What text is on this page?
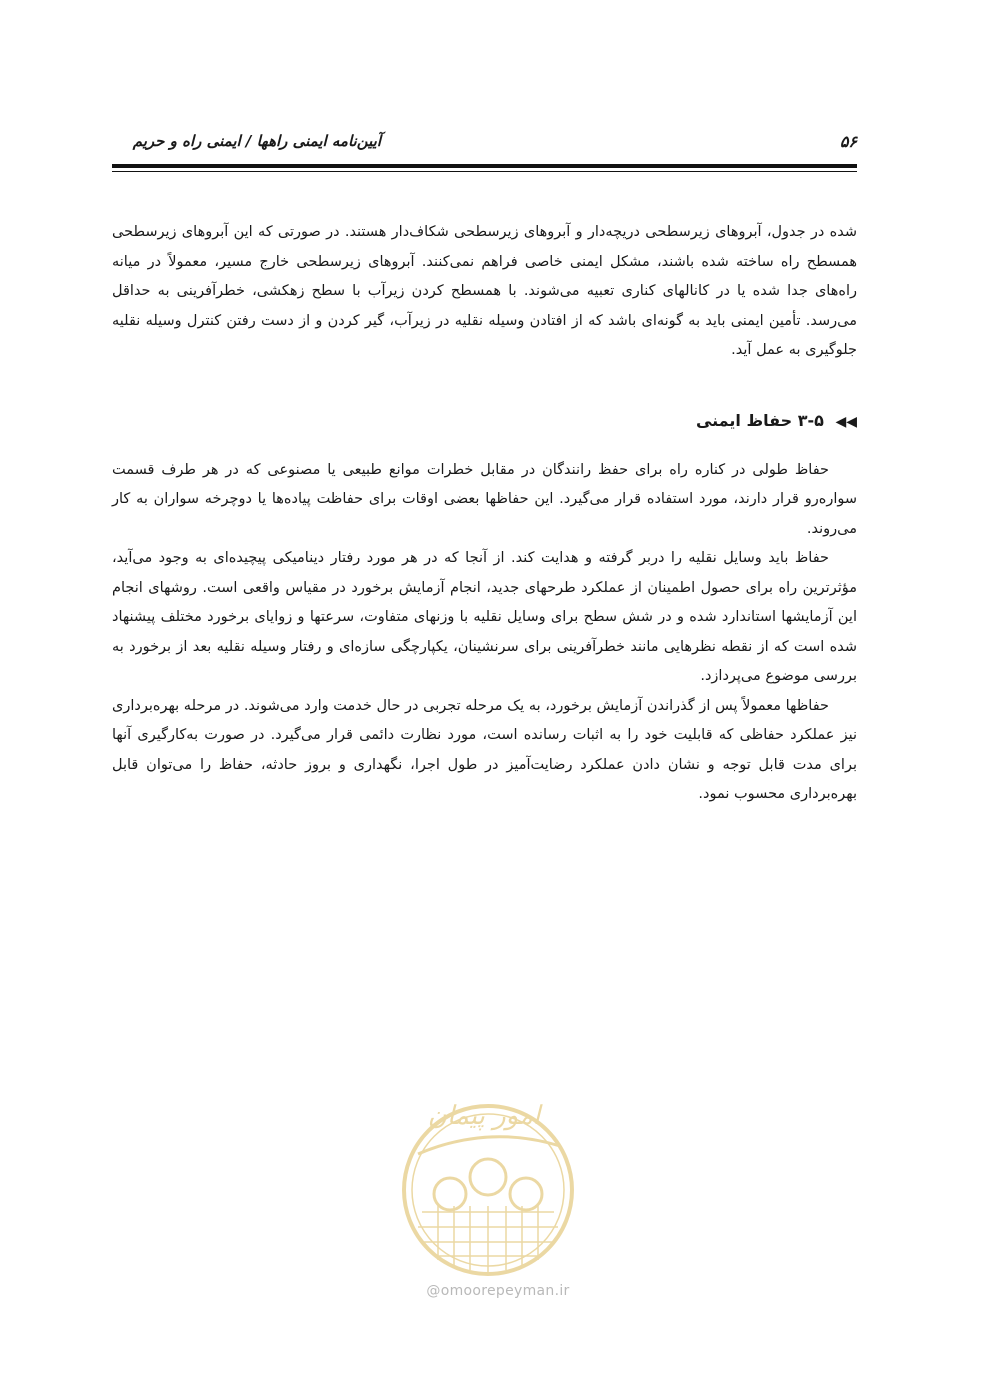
۵۶
آیین‌نامه ایمنی راهها / ایمنی راه و حریم

شده در جدول، آبروهای زیرسطحی دریچه‌دار و آبروهای زیرسطحی شکاف‌دار هستند. در صورتی که این آبروهای زیرسطحی همسطح راه ساخته شده باشند، مشکل ایمنی خاصی فراهم نمی‌کنند. آبروهای زیرسطحی خارج مسیر، معمولاً در میانه راه‌های جدا شده یا در کانالهای کناری تعبیه می‌شوند. با همسطح کردن زیرآب با سطح زهکشی، خطرآفرینی به حداقل می‌رسد. تأمین ایمنی باید به گونه‌ای باشد که از افتادن وسیله نقلیه در زیرآب، گیر کردن و از دست رفتن کنترل وسیله نقلیه جلوگیری به عمل آید.

◀◀ ۳-۵ حفاظ ایمنی

حفاظ طولی در کناره راه برای حفظ رانندگان در مقابل خطرات موانع طبیعی یا مصنوعی که در هر طرف قسمت سواره‌رو قرار دارند، مورد استفاده قرار می‌گیرد. این حفاظها بعضی اوقات برای حفاظت پیاده‌ها یا دوچرخه سواران به کار می‌روند.

حفاظ باید وسایل نقلیه را دربر گرفته و هدایت کند. از آنجا که در هر مورد رفتار دینامیکی پیچیده‌ای به وجود می‌آید، مؤثرترین راه برای حصول اطمینان از عملکرد طرحهای جدید، انجام آزمایش برخورد در مقیاس واقعی است. روشهای انجام این آزمایشها استاندارد شده و در شش سطح برای وسایل نقلیه با وزنهای متفاوت، سرعتها و زوایای برخورد مختلف پیشنهاد شده است که از نقطه نظرهایی مانند خطرآفرینی برای سرنشینان، یکپارچگی سازه‌ای و رفتار وسیله نقلیه بعد از برخورد به بررسی موضوع می‌پردازد.

حفاظها معمولاً پس از گذراندن آزمایش برخورد، به یک مرحله تجربی در حال خدمت وارد می‌شوند. در مرحله بهره‌برداری نیز عملکرد حفاظی که قابلیت خود را به اثبات رسانده است، مورد نظارت دائمی قرار می‌گیرد. در صورت به‌کارگیری آنها برای مدت قابل توجه و نشان دادن عملکرد رضایت‌آمیز در طول اجرا، نگهداری و بروز حادثه، حفاظ را می‌توان قابل بهره‌برداری محسوب نمود.

امور پیمان
@omoorepeyman.ir
